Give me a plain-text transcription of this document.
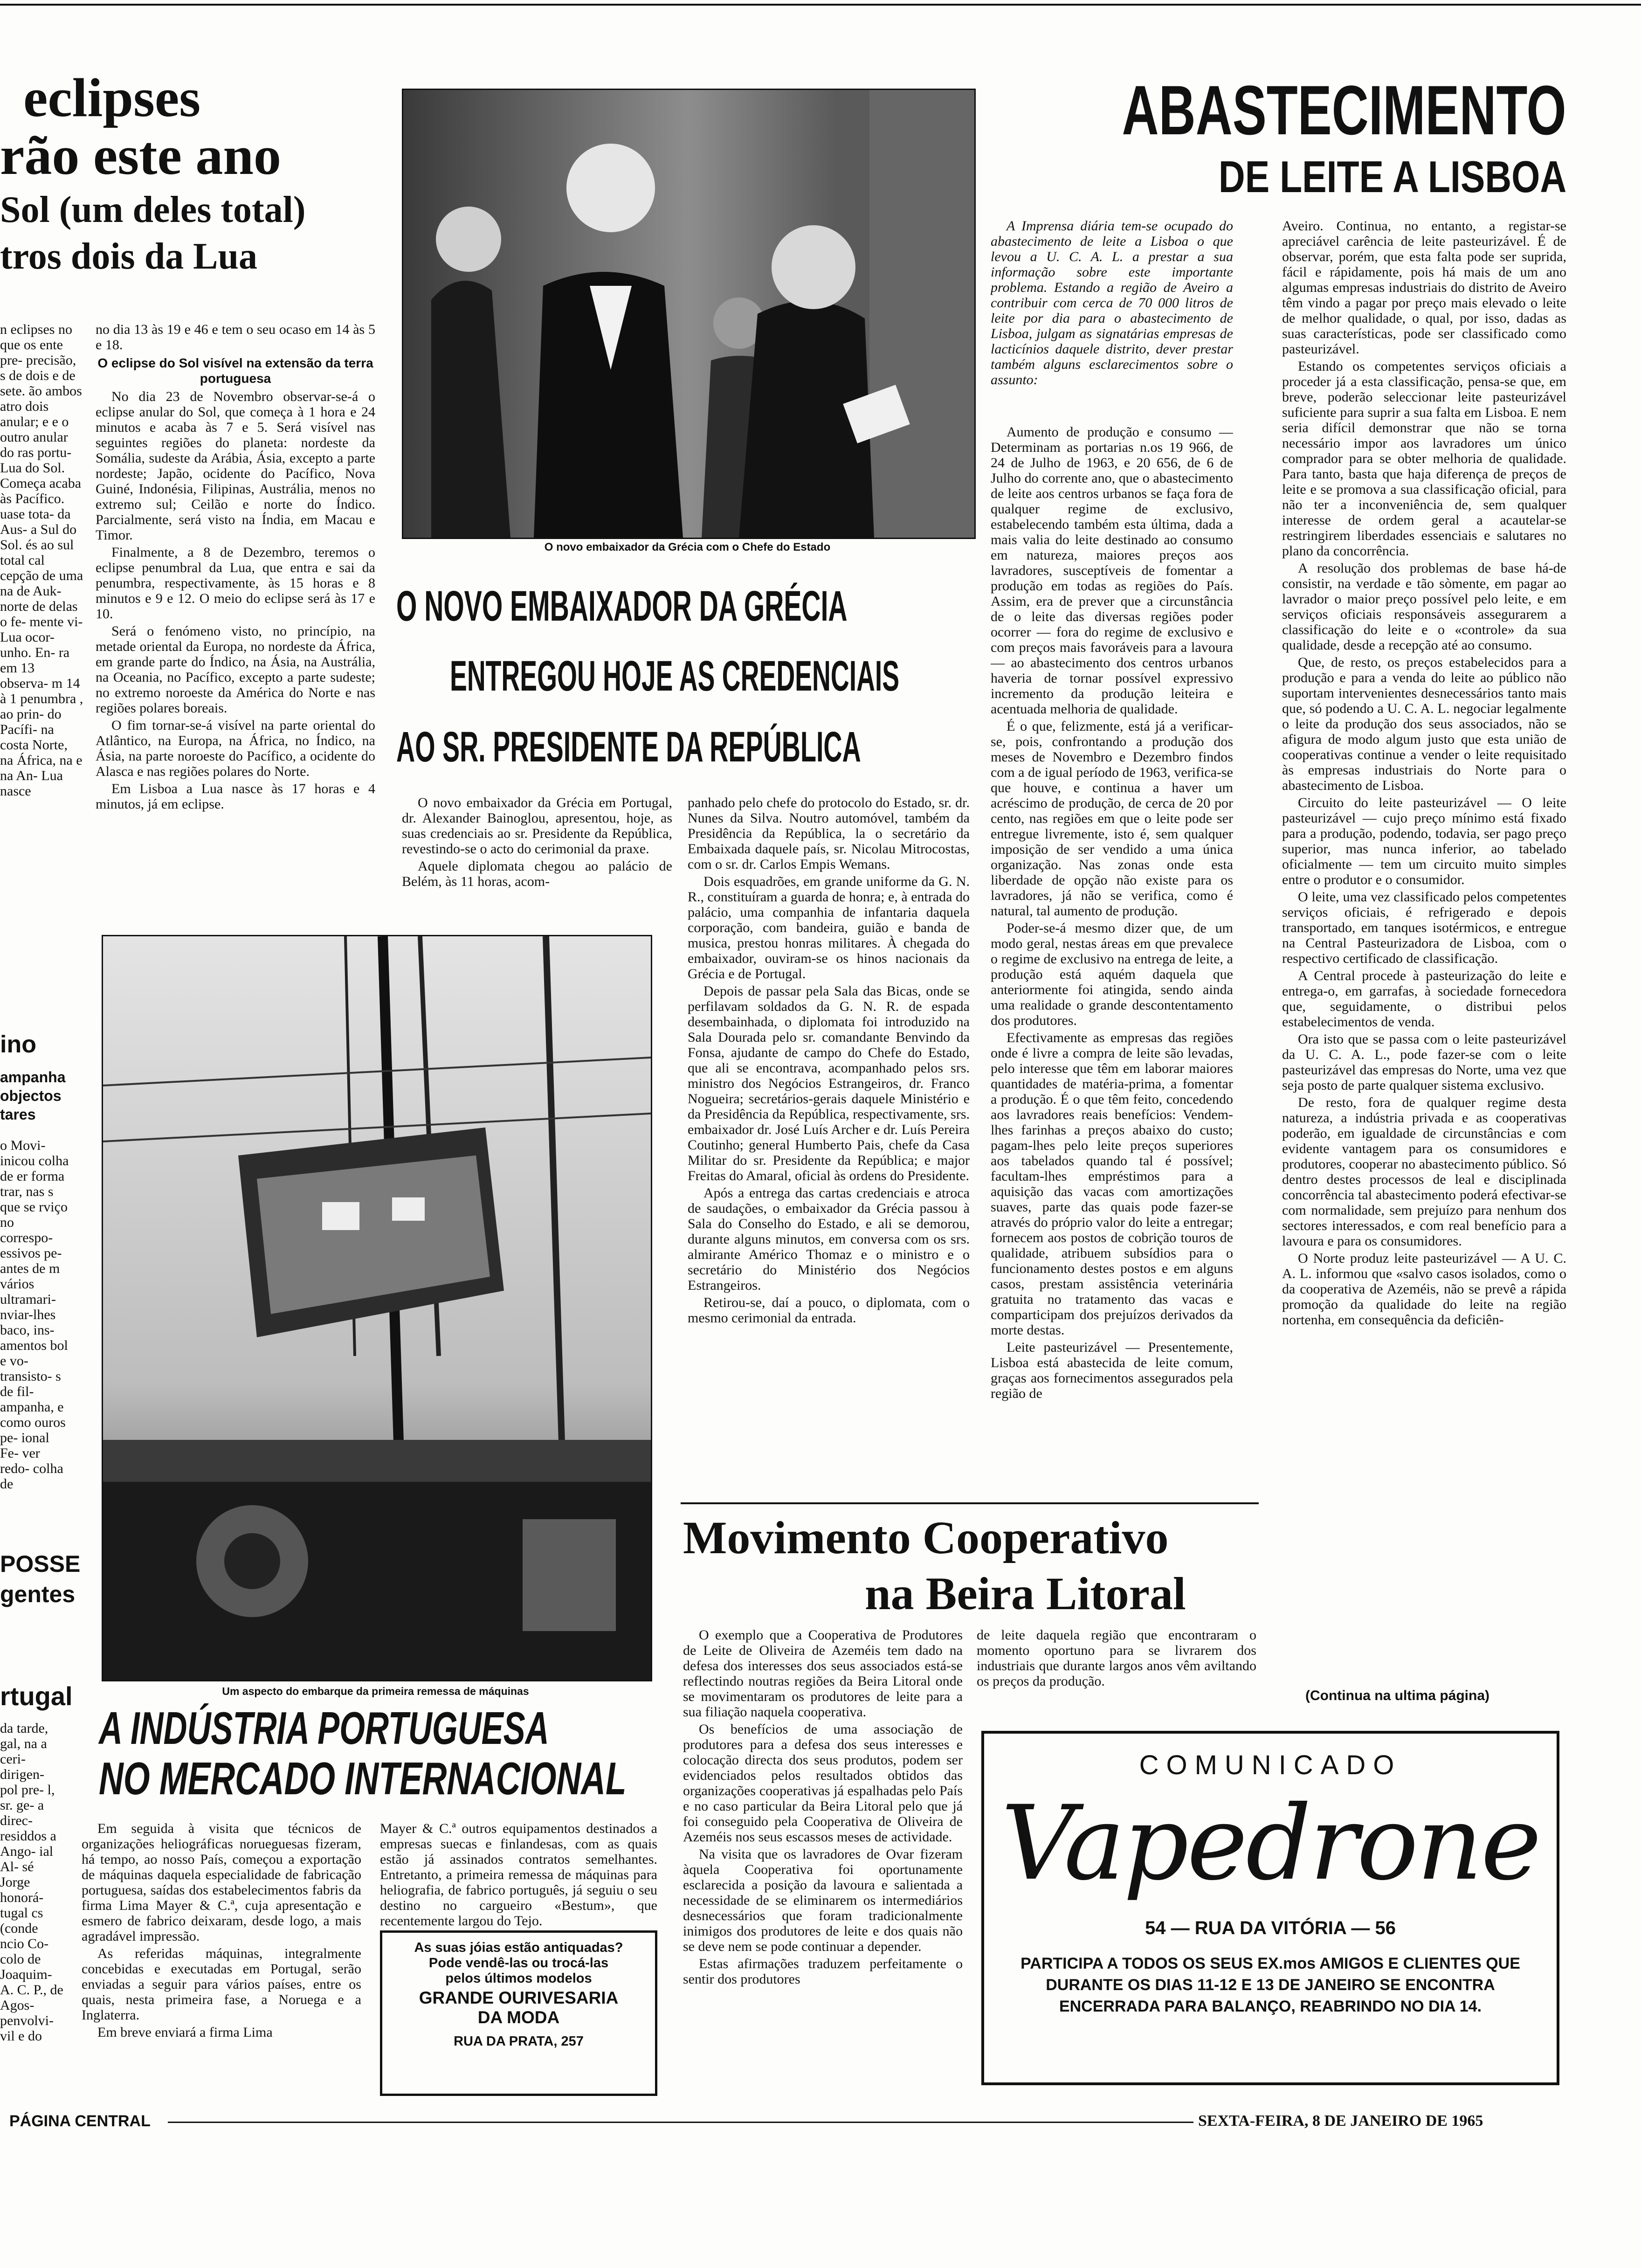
eclipses
rão este ano
Sol (um deles total)
tros dois da Lua

n eclipses no que os ente pre- precisão, s de dois e de sete. ão ambos atro dois anular; e e o outro anular do ras portu- Lua do Sol. Começa acaba às Pacífico. uase tota- da Aus- a Sul do Sol. és ao sul total cal cepção de uma na de Auk- norte de delas o fe- mente vi- Lua ocor- unho. En- ra em 13 observa- m 14 à 1 penumbra , ao prin- do Pacífi- na costa Norte, na África, na e na An- Lua nasce

no dia 13 às 19 e 46 e tem o seu ocaso em 14 às 5 e 18.

O eclipse do Sol visível na extensão da terra portuguesa

No dia 23 de Novembro observar-se-á o eclipse anular do Sol, que começa à 1 hora e 24 minutos e acaba às 7 e 5. Será visível nas seguintes regiões do planeta: nordeste da Somália, sudeste da Arábia, Ásia, excepto a parte nordeste; Japão, ocidente do Pacífico, Nova Guiné, Indonésia, Filipinas, Austrália, menos no extremo sul; Ceilão e norte do Índico. Parcialmente, será visto na Índia, em Macau e Timor.

Finalmente, a 8 de Dezembro, teremos o eclipse penumbral da Lua, que entra e sai da penumbra, respectivamente, às 15 horas e 8 minutos e 9 e 12. O meio do eclipse será às 17 e 10.

Será o fenómeno visto, no princípio, na metade oriental da Europa, no nordeste da África, em grande parte do Índico, na Ásia, na Austrália, na Oceania, no Pacífico, excepto a parte sudeste; no extremo noroeste da América do Norte e nas regiões polares boreais.

O fim tornar-se-á visível na parte oriental do Atlântico, na Europa, na África, no Índico, na Ásia, na parte noroeste do Pacífico, a ocidente do Alasca e nas regiões polares do Norte.

Em Lisboa a Lua nasce às 17 horas e 4 minutos, já em eclipse.

ino
ampanha objectos tares

o Movi- inicou colha de er forma trar, nas s que se rviço no correspo- essivos pe- antes de m vários ultramari- nviar-lhes baco, ins- amentos bol e vo- transisto- s de fil- ampanha, e como ouros pe- ional Fe- ver redo- colha de

POSSE
gentes
rtugal

da tarde, gal, na a ceri- dirigen- pol pre- l, sr. ge- a direc- residdos a Ango- ial Al- sé Jorge honorá- tugal cs (conde ncio Co- colo de Joaquim- A. C. P., de Agos- penvolvi- vil e do

O novo embaixador da Grécia com o Chefe do Estado
O NOVO EMBAIXADOR DA GRÉCIA
ENTREGOU HOJE AS CREDENCIAIS
AO SR. PRESIDENTE DA REPÚBLICA

O novo embaixador da Grécia em Portugal, dr. Alexander Bainoglou, apresentou, hoje, as suas credenciais ao sr. Presidente da República, revestindo-se o acto do cerimonial da praxe.

Aquele diplomata chegou ao palácio de Belém, às 11 horas, acom-

panhado pelo chefe do protocolo do Estado, sr. dr. Nunes da Silva. Noutro automóvel, também da Presidência da República, la o secretário da Embaixada daquele país, sr. Nicolau Mitrocostas, com o sr. dr. Carlos Empis Wemans.

Dois esquadrões, em grande uniforme da G. N. R., constituíram a guarda de honra; e, à entrada do palácio, uma companhia de infantaria daquela corporação, com bandeira, guião e banda de musica, prestou honras militares. À chegada do embaixador, ouviram-se os hinos nacionais da Grécia e de Portugal.

Depois de passar pela Sala das Bicas, onde se perfilavam soldados da G. N. R. de espada desembainhada, o diplomata foi introduzido na Sala Dourada pelo sr. comandante Benvindo da Fonsa, ajudante de campo do Chefe do Estado, que ali se encontrava, acompanhado pelos srs. ministro dos Negócios Estrangeiros, dr. Franco Nogueira; secretários-gerais daquele Ministério e da Presidência da República, respectivamente, srs. embaixador dr. José Luís Archer e dr. Luís Pereira Coutinho; general Humberto Pais, chefe da Casa Militar do sr. Presidente da República; e major Freitas do Amaral, oficial às ordens do Presidente.

Após a entrega das cartas credenciais e atroca de saudações, o embaixador da Grécia passou à Sala do Conselho do Estado, e ali se demorou, durante alguns minutos, em conversa com os srs. almirante Américo Thomaz e o ministro e o secretário do Ministério dos Negócios Estrangeiros.

Retirou-se, daí a pouco, o diplomata, com o mesmo cerimonial da entrada.

Um aspecto do embarque da primeira remessa de máquinas
A INDÚSTRIA PORTUGUESA
NO MERCADO INTERNACIONAL

Em seguida à visita que técnicos de organizações heliográficas norueguesas fizeram, há tempo, ao nosso País, começou a exportação de máquinas daquela especialidade de fabricação portuguesa, saídas dos estabelecimentos fabris da firma Lima Mayer & C.ª, cuja apresentação e esmero de fabrico deixaram, desde logo, a mais agradável impressão.

As referidas máquinas, integralmente concebidas e executadas em Portugal, serão enviadas a seguir para vários países, entre os quais, nesta primeira fase, a Noruega e a Inglaterra.

Em breve enviará a firma Lima

Mayer & C.ª outros equipamentos destinados a empresas suecas e finlandesas, com as quais estão já assinados contratos semelhantes. Entretanto, a primeira remessa de máquinas para heliografia, de fabrico português, já seguiu o seu destino no cargueiro «Bestum», que recentemente largou do Tejo.

As suas jóias estão antiquadas?
Pode vendê-las ou trocá-las
pelos últimos modelos
GRANDE OURIVESARIA
DA MODA
RUA DA PRATA, 257
ABASTECIMENTO
DE LEITE A LISBOA

A Imprensa diária tem-se ocupado do abastecimento de leite a Lisboa o que levou a U. C. A. L. a prestar a sua informação sobre este importante problema. Estando a região de Aveiro a contribuir com cerca de 70 000 litros de leite por dia para o abastecimento de Lisboa, julgam as signatárias empresas de lacticínios daquele distrito, dever prestar também alguns esclarecimentos sobre o assunto:

Aumento de produção e consumo — Determinam as portarias n.os 19 966, de 24 de Julho de 1963, e 20 656, de 6 de Julho do corrente ano, que o abastecimento de leite aos centros urbanos se faça fora de qualquer regime de exclusivo, estabelecendo também esta última, dada a mais valia do leite destinado ao consumo em natureza, maiores preços aos lavradores, susceptíveis de fomentar a produção em todas as regiões do País. Assim, era de prever que a circunstância de o leite das diversas regiões poder ocorrer — fora do regime de exclusivo e com preços mais favoráveis para a lavoura — ao abastecimento dos centros urbanos haveria de tornar possível expressivo incremento da produção leiteira e acentuada melhoria de qualidade.

É o que, felizmente, está já a verificar-se, pois, confrontando a produção dos meses de Novembro e Dezembro findos com a de igual período de 1963, verifica-se que houve, e continua a haver um acréscimo de produção, de cerca de 20 por cento, nas regiões em que o leite pode ser entregue livremente, isto é, sem qualquer imposição de ser vendido a uma única organização. Nas zonas onde esta liberdade de opção não existe para os lavradores, já não se verifica, como é natural, tal aumento de produção.

Poder-se-á mesmo dizer que, de um modo geral, nestas áreas em que prevalece o regime de exclusivo na entrega de leite, a produção está aquém daquela que anteriormente foi atingida, sendo ainda uma realidade o grande descontentamento dos produtores.

Efectivamente as empresas das regiões onde é livre a compra de leite são levadas, pelo interesse que têm em laborar maiores quantidades de matéria-prima, a fomentar a produção. É o que têm feito, concedendo aos lavradores reais benefícios: Vendem-lhes farinhas a preços abaixo do custo; pagam-lhes pelo leite preços superiores aos tabelados quando tal é possível; facultam-lhes empréstimos para a aquisição das vacas com amortizações suaves, parte das quais pode fazer-se através do próprio valor do leite a entregar; fornecem aos postos de cobrição touros de qualidade, atribuem subsídios para o funcionamento destes postos e em alguns casos, prestam assistência veterinária gratuita no tratamento das vacas e comparticipam dos prejuízos derivados da morte destas.

Leite pasteurizável — Presentemente, Lisboa está abastecida de leite comum, graças aos fornecimentos assegurados pela região de

Aveiro. Continua, no entanto, a registar-se apreciável carência de leite pasteurizável. É de observar, porém, que esta falta pode ser suprida, fácil e rápidamente, pois há mais de um ano algumas empresas industriais do distrito de Aveiro têm vindo a pagar por preço mais elevado o leite de melhor qualidade, o qual, por isso, dadas as suas características, pode ser classificado como pasteurizável.

Estando os competentes serviços oficiais a proceder já a esta classificação, pensa-se que, em breve, poderão seleccionar leite pasteurizável suficiente para suprir a sua falta em Lisboa. E nem seria difícil demonstrar que não se torna necessário impor aos lavradores um único comprador para se obter melhoria de qualidade. Para tanto, basta que haja diferença de preços de leite e se promova a sua classificação oficial, para não ter a inconveniência de, sem qualquer interesse de ordem geral a acautelar-se restringirem liberdades essenciais e salutares no plano da concorrência.

A resolução dos problemas de base há-de consistir, na verdade e tão sòmente, em pagar ao lavrador o maior preço possível pelo leite, e em serviços oficiais responsáveis assegurarem a classificação do leite e o «controle» da sua qualidade, desde a recepção até ao consumo.

Que, de resto, os preços estabelecidos para a produção e para a venda do leite ao público não suportam intervenientes desnecessários tanto mais que, só podendo a U. C. A. L. negociar legalmente o leite da produção dos seus associados, não se afigura de modo algum justo que esta união de cooperativas continue a vender o leite requisitado às empresas industriais do Norte para o abastecimento de Lisboa.

Circuito do leite pasteurizável — O leite pasteurizável — cujo preço mínimo está fixado para a produção, podendo, todavia, ser pago preço superior, mas nunca inferior, ao tabelado oficialmente — tem um circuito muito simples entre o produtor e o consumidor.

O leite, uma vez classificado pelos competentes serviços oficiais, é refrigerado e depois transportado, em tanques isotérmicos, e entregue na Central Pasteurizadora de Lisboa, com o respectivo certificado de classificação.

A Central procede à pasteurização do leite e entrega-o, em garrafas, à sociedade fornecedora que, seguidamente, o distribui pelos estabelecimentos de venda.

Ora isto que se passa com o leite pasteurizável da U. C. A. L., pode fazer-se com o leite pasteurizável das empresas do Norte, uma vez que seja posto de parte qualquer sistema exclusivo.

De resto, fora de qualquer regime desta natureza, a indústria privada e as cooperativas poderão, em igualdade de circunstâncias e com evidente vantagem para os consumidores e produtores, cooperar no abastecimento público. Só dentro destes processos de leal e disciplinada concorrência tal abastecimento poderá efectivar-se com normalidade, sem prejuízo para nenhum dos sectores interessados, e com real benefício para a lavoura e para os consumidores.

O Norte produz leite pasteurizável — A U. C. A. L. informou que «salvo casos isolados, como o da cooperativa de Azeméis, não se prevê a rápida promoção da qualidade do leite na região nortenha, em consequência da deficiên-

(Continua na ultima página)
Movimento Cooperativo
na Beira Litoral

O exemplo que a Cooperativa de Produtores de Leite de Oliveira de Azeméis tem dado na defesa dos interesses dos seus associados está-se reflectindo noutras regiões da Beira Litoral onde se movimentaram os produtores de leite para a sua filiação naquela cooperativa.

Os benefícios de uma associação de produtores para a defesa dos seus interesses e colocação directa dos seus produtos, podem ser evidenciados pelos resultados obtidos das organizações cooperativas já espalhadas pelo País e no caso particular da Beira Litoral pelo que já foi conseguido pela Cooperativa de Oliveira de Azeméis nos seus escassos meses de actividade.

Na visita que os lavradores de Ovar fizeram àquela Cooperativa foi oportunamente esclarecida a posição da lavoura e salientada a necessidade de se eliminarem os intermediários desnecessários que foram tradicionalmente inimigos dos produtores de leite e dos quais não se deve nem se pode continuar a depender.

Estas afirmações traduzem perfeitamente o sentir dos produtores

de leite daquela região que encontraram o momento oportuno para se livrarem dos industriais que durante largos anos vêm aviltando os preços da produção.

COMUNICADO
Vapedrone
54 — RUA DA VITÓRIA — 56
PARTICIPA A TODOS OS SEUS EX.mos AMIGOS E CLIENTES QUE DURANTE OS DIAS 11-12 E 13 DE JANEIRO SE ENCONTRA ENCERRADA PARA BALANÇO, REABRINDO NO DIA 14.
PÁGINA CENTRAL	SEXTA-FEIRA, 8 DE JANEIRO DE 1965
